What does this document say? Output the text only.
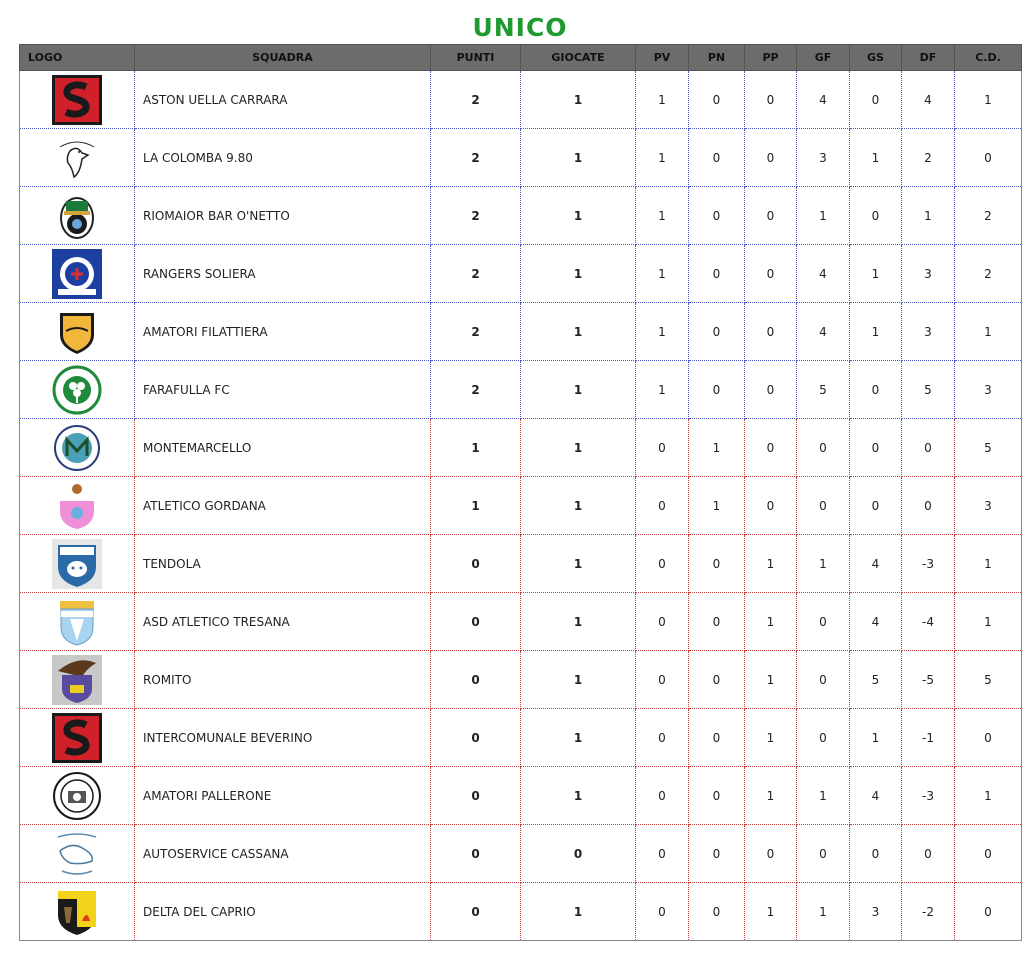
UNICO
LOGO	SQUADRA	PUNTI	GIOCATE	PV	PN	PP	GF	GS	DF	C.D.

	ASTON UELLA CARRARA	2	1	1	0	0	4	0	4	1

	LA COLOMBA 9.80	2	1	1	0	0	3	1	2	0

	RIOMAIOR BAR O'NETTO	2	1	1	0	0	1	0	1	2

	RANGERS SOLIERA	2	1	1	0	0	4	1	3	2

	AMATORI FILATTIERA	2	1	1	0	0	4	1	3	1

	FARAFULLA FC	2	1	1	0	0	5	0	5	3

	MONTEMARCELLO	1	1	0	1	0	0	0	0	5

	ATLETICO GORDANA	1	1	0	1	0	0	0	0	3

	TENDOLA	0	1	0	0	1	1	4	-3	1

	ASD ATLETICO TRESANA	0	1	0	0	1	0	4	-4	1

	ROMITO	0	1	0	0	1	0	5	-5	5

	INTERCOMUNALE BEVERINO	0	1	0	0	1	0	1	-1	0

	AMATORI PALLERONE	0	1	0	0	1	1	4	-3	1

	AUTOSERVICE CASSANA	0	0	0	0	0	0	0	0	0

	DELTA DEL CAPRIO	0	1	0	0	1	1	3	-2	0
